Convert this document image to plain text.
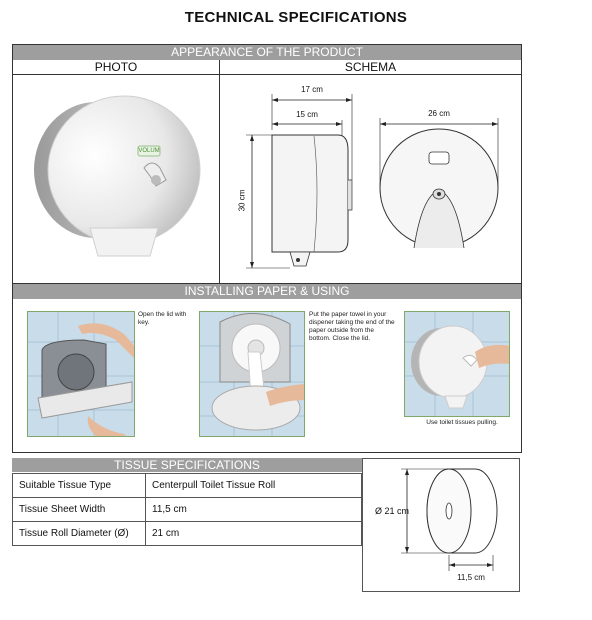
TECHNICAL SPECIFICATIONS
APPEARANCE OF THE PRODUCT
PHOTO	SCHEMA
VOLUM
17 cm
15 cm
30 cm
26 cm
INSTALLING PAPER & USING
Open the lid with key.
Put the paper towel in your dispener taking the end of the paper outside from the bottom. Close the lid.
Use toilet tissues pulling.
TISSUE SPECIFICATIONS
Suitable Tissue Type	Centerpull Toilet Tissue Roll
Tissue Sheet Width	11,5 cm
Tissue Roll Diameter (Ø)	21 cm
Ø 21 cm
11,5 cm
